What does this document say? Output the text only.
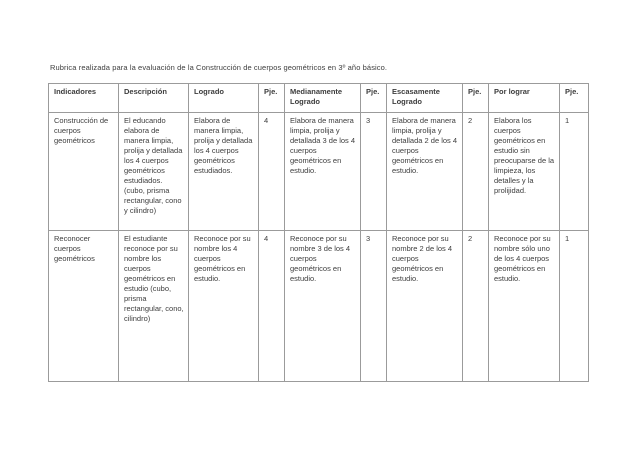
Rubrica realizada para la evaluación de la Construcción de cuerpos geométricos en 3º año básico.

Indicadores	Descripción	Logrado	Pje.	Medianamente Logrado	Pje.	Escasamente Logrado	Pje.	Por lograr	Pje.
Construcción de cuerpos geométricos	El educando elabora de manera limpia, prolija y detallada los 4 cuerpos geométricos estudiados. (cubo, prisma rectangular, cono y cilindro)	Elabora de manera limpia, prolija y detallada los 4 cuerpos geométricos estudiados.	4	Elabora de manera limpia, prolija y detallada 3 de los 4 cuerpos geométricos en estudio.	3	Elabora de manera limpia, prolija y detallada 2 de los 4 cuerpos geométricos en estudio.	2	Elabora los cuerpos geométricos en estudio sin preocuparse de la limpieza, los detalles y la prolijidad.	1
Reconocer cuerpos geométricos	El estudiante reconoce por su nombre los cuerpos geométricos en estudio (cubo, prisma rectangular, cono, cilindro)	Reconoce por su nombre los 4 cuerpos geométricos en estudio.	4	Reconoce por su nombre 3 de los 4 cuerpos geométricos en estudio.	3	Reconoce por su nombre 2 de los 4 cuerpos geométricos en estudio.	2	Reconoce por su nombre sólo uno de los 4 cuerpos geométricos en estudio.	1
